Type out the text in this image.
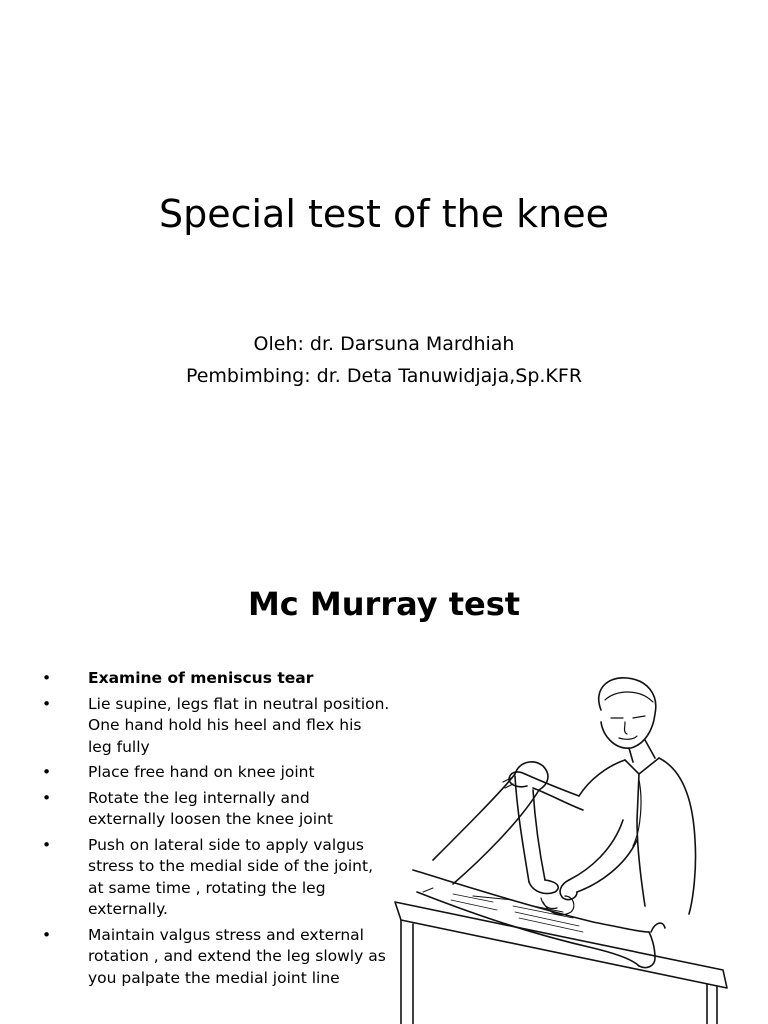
Special test of the knee
Oleh: dr. Darsuna Mardhiah
Pembimbing: dr. Deta Tanuwidjaja,Sp.KFR
Mc Murray test
• Examine of meniscus tear
• Lie supine, legs flat in neutral position. One hand hold his heel and flex his leg fully
• Place free hand on knee joint
• Rotate the leg internally and externally loosen the knee joint
• Push on lateral side to apply valgus stress to the medial side of the joint, at same time , rotating the leg externally.
• Maintain valgus stress and external rotation , and extend the leg slowly as you palpate the medial joint line
